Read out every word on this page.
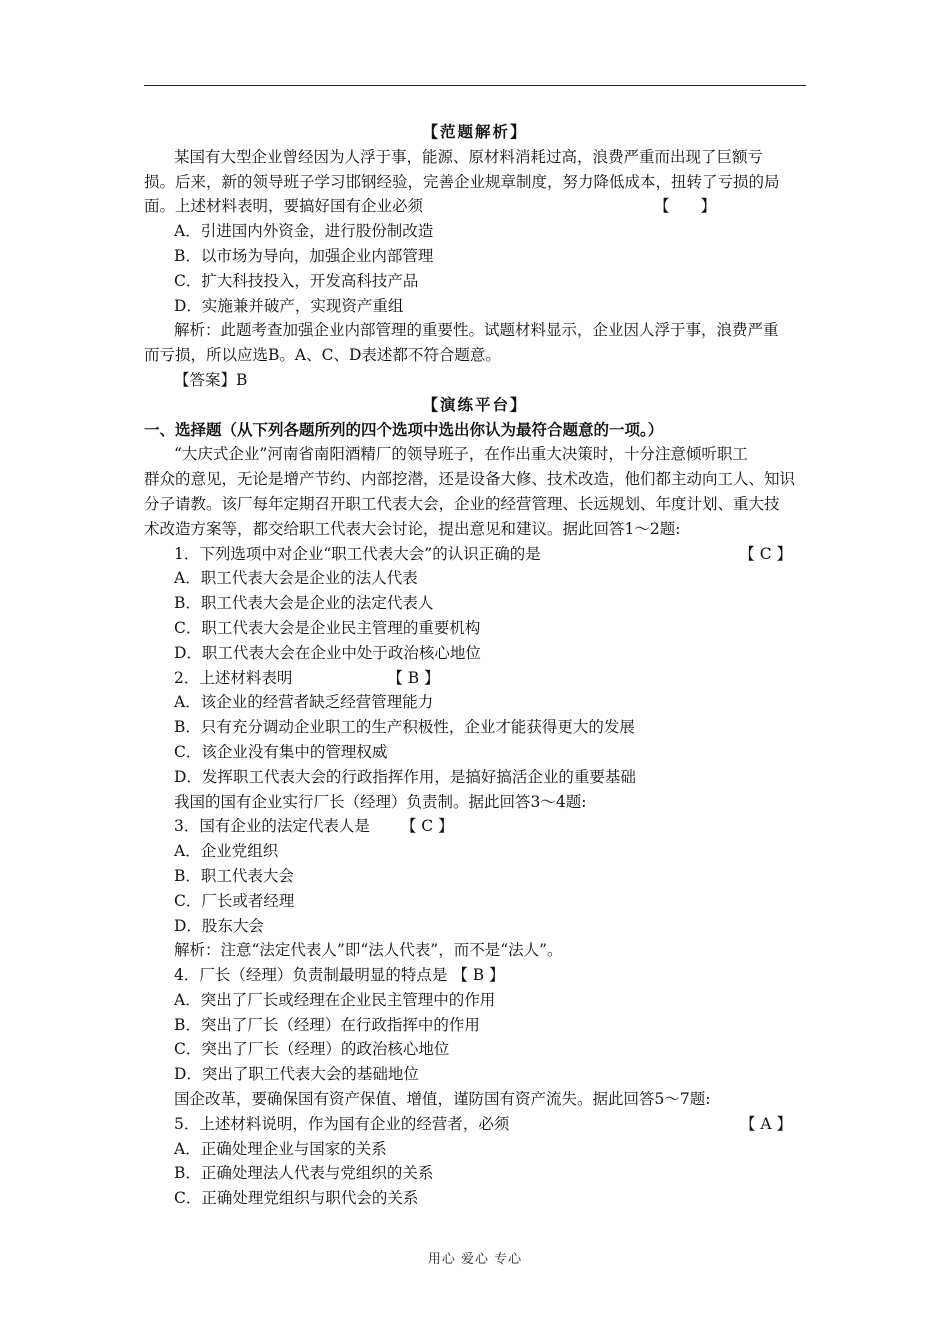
【范题解析】
某国有大型企业曾经因为人浮于事，能源、原材料消耗过高，浪费严重而出现了巨额亏
损。后来，新的领导班子学习邯钢经验，完善企业规章制度，努力降低成本，扭转了亏损的局
面。上述材料表明，要搞好国有企业必须	【　　】
A．引进国内外资金，进行股份制改造
B．以市场为导向，加强企业内部管理
C．扩大科技投入，开发高科技产品
D．实施兼并破产，实现资产重组
解析：此题考查加强企业内部管理的重要性。试题材料显示，企业因人浮于事，浪费严重
而亏损，所以应选B。A、C、D表述都不符合题意。
【答案】B
【演练平台】
一、选择题（从下列各题所列的四个选项中选出你认为最符合题意的一项。）
“大庆式企业”河南省南阳酒精厂的领导班子，在作出重大决策时，十分注意倾听职工
群众的意见，无论是增产节约、内部挖潜，还是设备大修、技术改造，他们都主动向工人、知识
分子请教。该厂每年定期召开职工代表大会，企业的经营管理、长远规划、年度计划、重大技
术改造方案等，都交给职工代表大会讨论，提出意见和建议。据此回答1～2题:
1．下列选项中对企业“职工代表大会”的认识正确的是	【 C 】
A．职工代表大会是企业的法人代表
B．职工代表大会是企业的法定代表人
C．职工代表大会是企业民主管理的重要机构
D．职工代表大会在企业中处于政治核心地位
2．上述材料表明	【 B 】
A．该企业的经营者缺乏经营管理能力
B．只有充分调动企业职工的生产积极性，企业才能获得更大的发展
C．该企业没有集中的管理权威
D．发挥职工代表大会的行政指挥作用，是搞好搞活企业的重要基础
我国的国有企业实行厂长（经理）负责制。据此回答3～4题:
3．国有企业的法定代表人是 【 C 】
A．企业党组织
B．职工代表大会
C．厂长或者经理
D．股东大会
解析：注意“法定代表人”即“法人代表”，而不是“法人”。
4．厂长（经理）负责制最明显的特点是 【 B 】
A．突出了厂长或经理在企业民主管理中的作用
B．突出了厂长（经理）在行政指挥中的作用
C．突出了厂长（经理）的政治核心地位
D．突出了职工代表大会的基础地位
国企改革，要确保国有资产保值、增值，谨防国有资产流失。据此回答5～7题:
5．上述材料说明，作为国有企业的经营者，必须	【 A 】
A．正确处理企业与国家的关系
B．正确处理法人代表与党组织的关系
C．正确处理党组织与职代会的关系
用心 爱心 专心
